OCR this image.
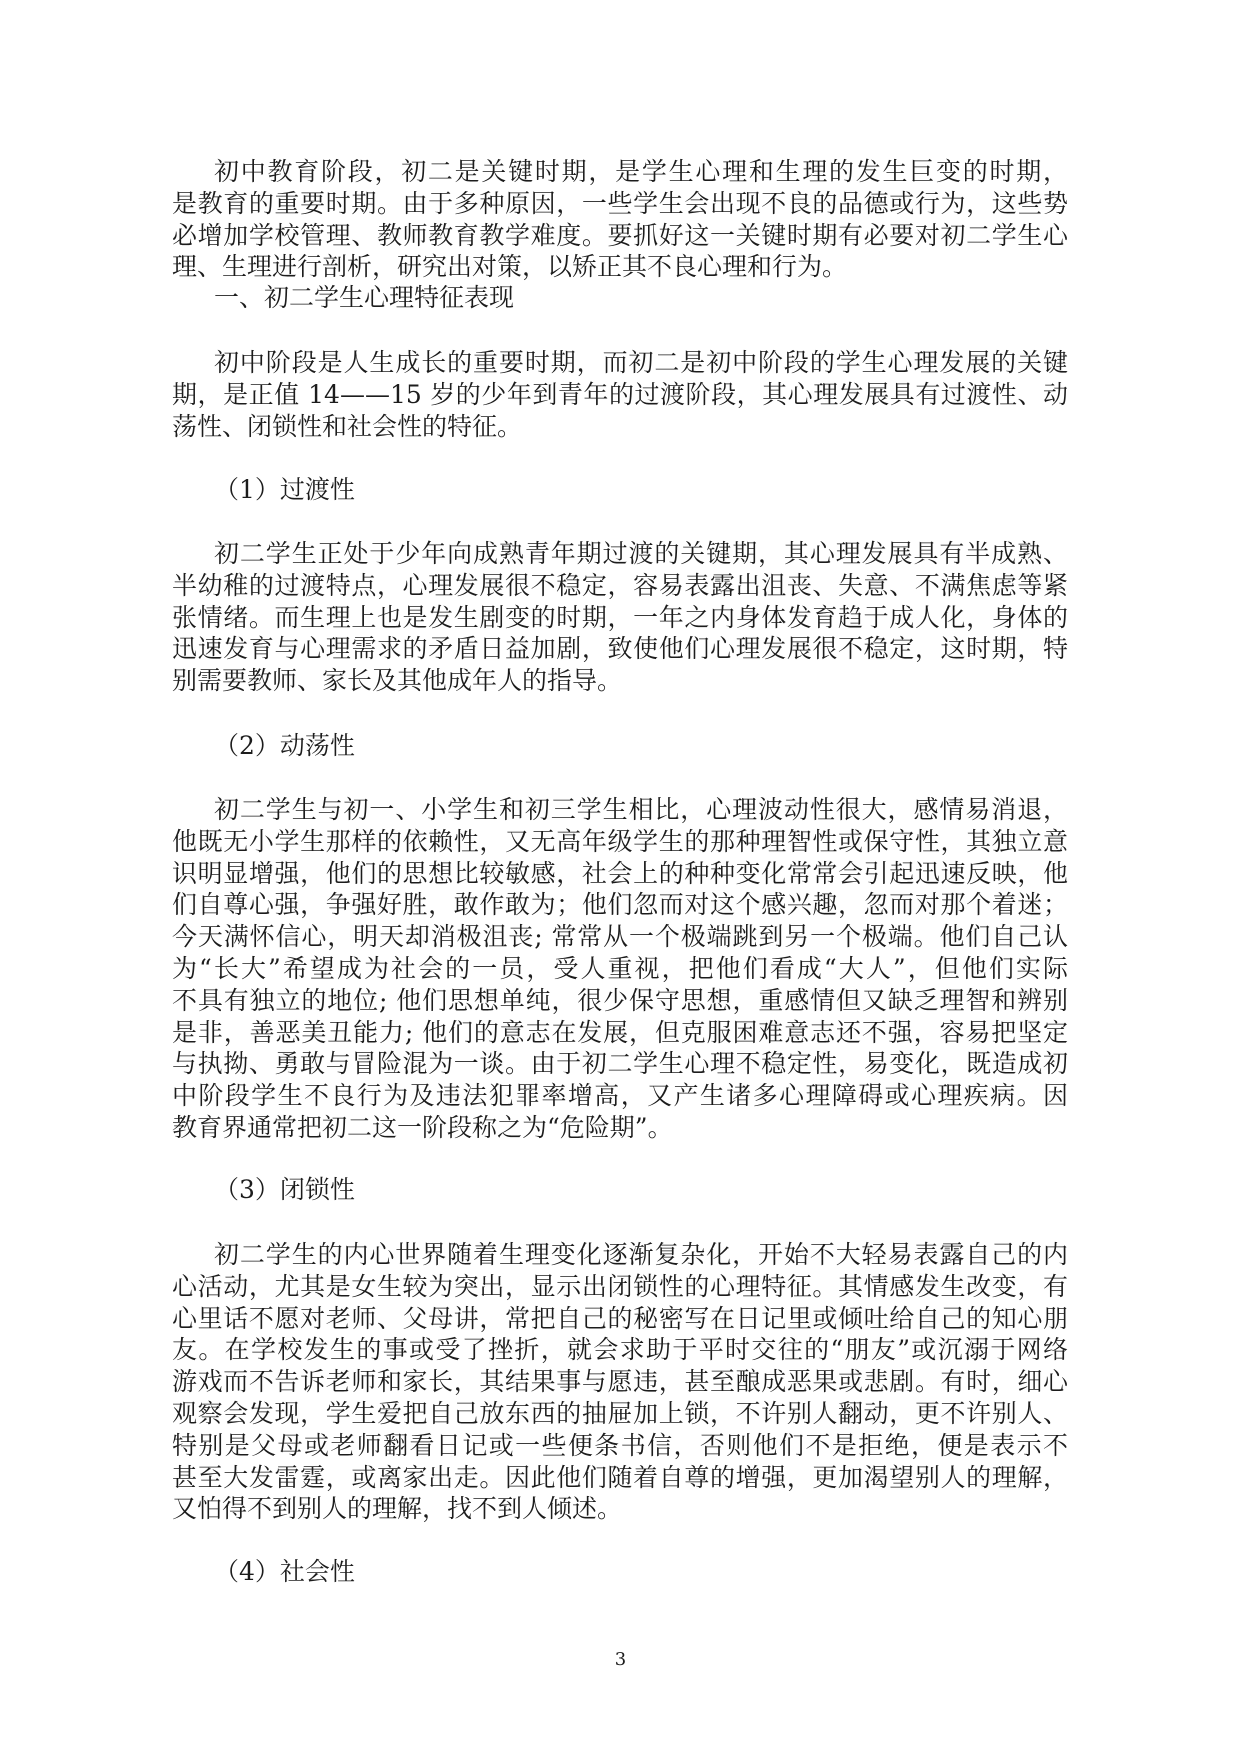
初中教育阶段，初二是关键时期，是学生心理和生理的发生巨变的时期，
是教育的重要时期。由于多种原因，一些学生会出现不良的品德或行为，这些势
必增加学校管理、教师教育教学难度。要抓好这一关键时期有必要对初二学生心
理、生理进行剖析，研究出对策，以矫正其不良心理和行为。
一、初二学生心理特征表现
初中阶段是人生成长的重要时期，而初二是初中阶段的学生心理发展的关键
期，是正值 14——15 岁的少年到青年的过渡阶段，其心理发展具有过渡性、动
荡性、闭锁性和社会性的特征。
（1）过渡性
初二学生正处于少年向成熟青年期过渡的关键期，其心理发展具有半成熟、
半幼稚的过渡特点，心理发展很不稳定，容易表露出沮丧、失意、不满焦虑等紧
张情绪。而生理上也是发生剧变的时期，一年之内身体发育趋于成人化，身体的
迅速发育与心理需求的矛盾日益加剧，致使他们心理发展很不稳定，这时期，特
别需要教师、家长及其他成年人的指导。
（2）动荡性
初二学生与初一、小学生和初三学生相比，心理波动性很大，感情易消退，
他既无小学生那样的依赖性，又无高年级学生的那种理智性或保守性，其独立意
识明显增强，他们的思想比较敏感，社会上的种种变化常常会引起迅速反映，他
们自尊心强，争强好胜，敢作敢为；他们忽而对这个感兴趣，忽而对那个着迷；
今天满怀信心，明天却消极沮丧; 常常从一个极端跳到另一个极端。他们自己认
为“长大”希望成为社会的一员，受人重视，把他们看成“大人”，但他们实际
不具有独立的地位; 他们思想单纯，很少保守思想，重感情但又缺乏理智和辨别
是非，善恶美丑能力; 他们的意志在发展，但克服困难意志还不强，容易把坚定
与执拗、勇敢与冒险混为一谈。由于初二学生心理不稳定性，易变化，既造成初
中阶段学生不良行为及违法犯罪率增高，又产生诸多心理障碍或心理疾病。因
教育界通常把初二这一阶段称之为“危险期”。
（3）闭锁性
初二学生的内心世界随着生理变化逐渐复杂化，开始不大轻易表露自己的内
心活动，尤其是女生较为突出，显示出闭锁性的心理特征。其情感发生改变，有
心里话不愿对老师、父母讲，常把自己的秘密写在日记里或倾吐给自己的知心朋
友。在学校发生的事或受了挫折，就会求助于平时交往的“朋友”或沉溺于网络
游戏而不告诉老师和家长，其结果事与愿违，甚至酿成恶果或悲剧。有时，细心
观察会发现，学生爱把自己放东西的抽屉加上锁，不许别人翻动，更不许别人、
特别是父母或老师翻看日记或一些便条书信，否则他们不是拒绝，便是表示不
甚至大发雷霆，或离家出走。因此他们随着自尊的增强，更加渴望别人的理解，
又怕得不到别人的理解，找不到人倾述。
（4）社会性
3
